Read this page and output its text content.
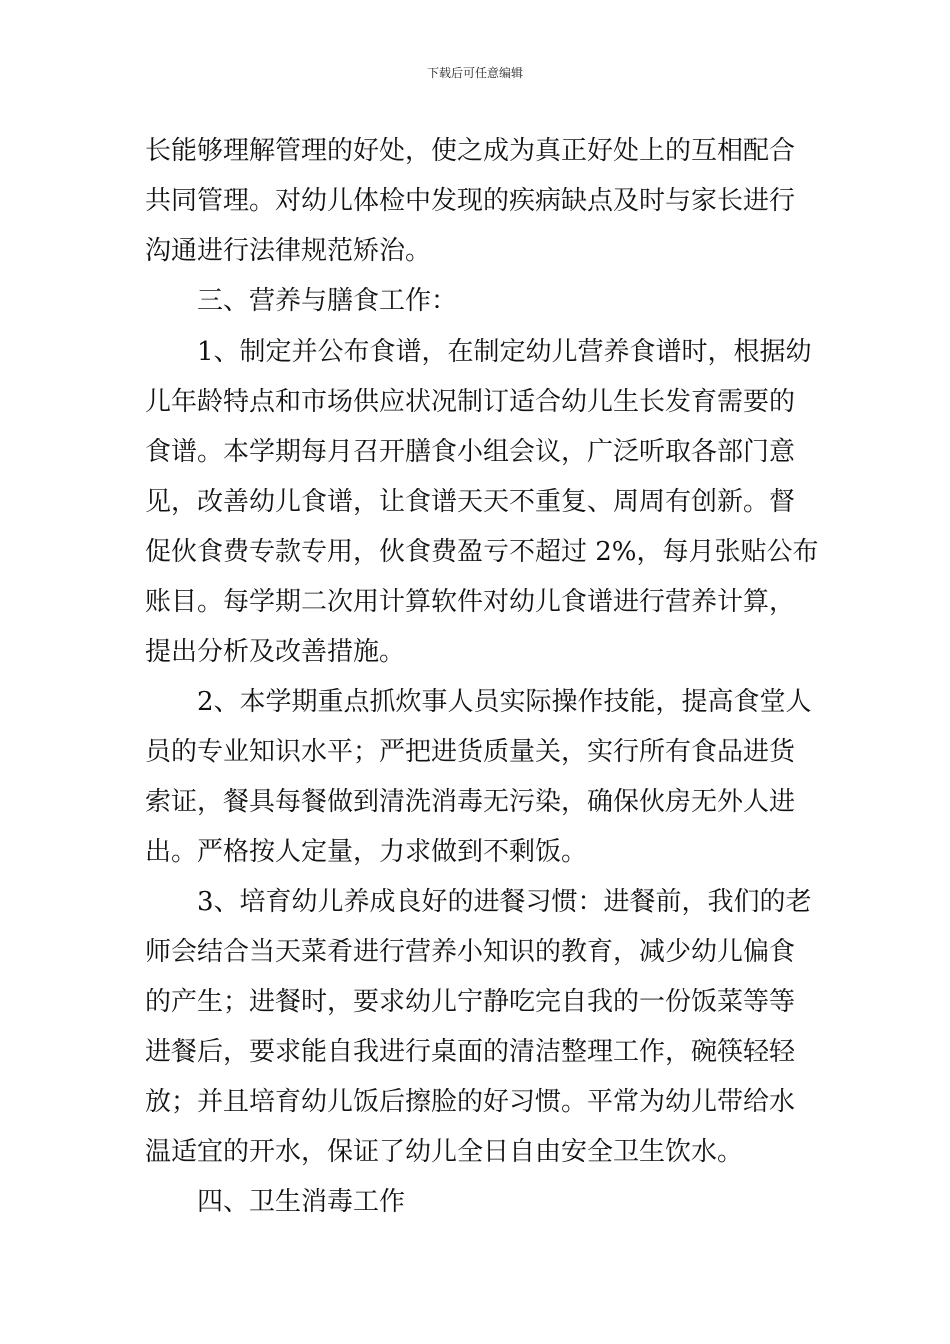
下载后可任意编辑
长能够理解管理的好处，使之成为真正好处上的互相配合
共同管理。对幼儿体检中发现的疾病缺点及时与家长进行
沟通进行法律规范矫治。
三、营养与膳食工作：
1、制定并公布食谱，在制定幼儿营养食谱时，根据幼
儿年龄特点和市场供应状况制订适合幼儿生长发育需要的
食谱。本学期每月召开膳食小组会议，广泛听取各部门意
见，改善幼儿食谱，让食谱天天不重复、周周有创新。督
促伙食费专款专用，伙食费盈亏不超过 2%，每月张贴公布
账目。每学期二次用计算软件对幼儿食谱进行营养计算，
提出分析及改善措施。
2、本学期重点抓炊事人员实际操作技能，提高食堂人
员的专业知识水平；严把进货质量关，实行所有食品进货
索证，餐具每餐做到清洗消毒无污染，确保伙房无外人进
出。严格按人定量，力求做到不剩饭。
3、培育幼儿养成良好的进餐习惯：进餐前，我们的老
师会结合当天菜肴进行营养小知识的教育，减少幼儿偏食
的产生；进餐时，要求幼儿宁静吃完自我的一份饭菜等等
进餐后，要求能自我进行桌面的清洁整理工作，碗筷轻轻
放；并且培育幼儿饭后擦脸的好习惯。平常为幼儿带给水
温适宜的开水，保证了幼儿全日自由安全卫生饮水。
四、卫生消毒工作
